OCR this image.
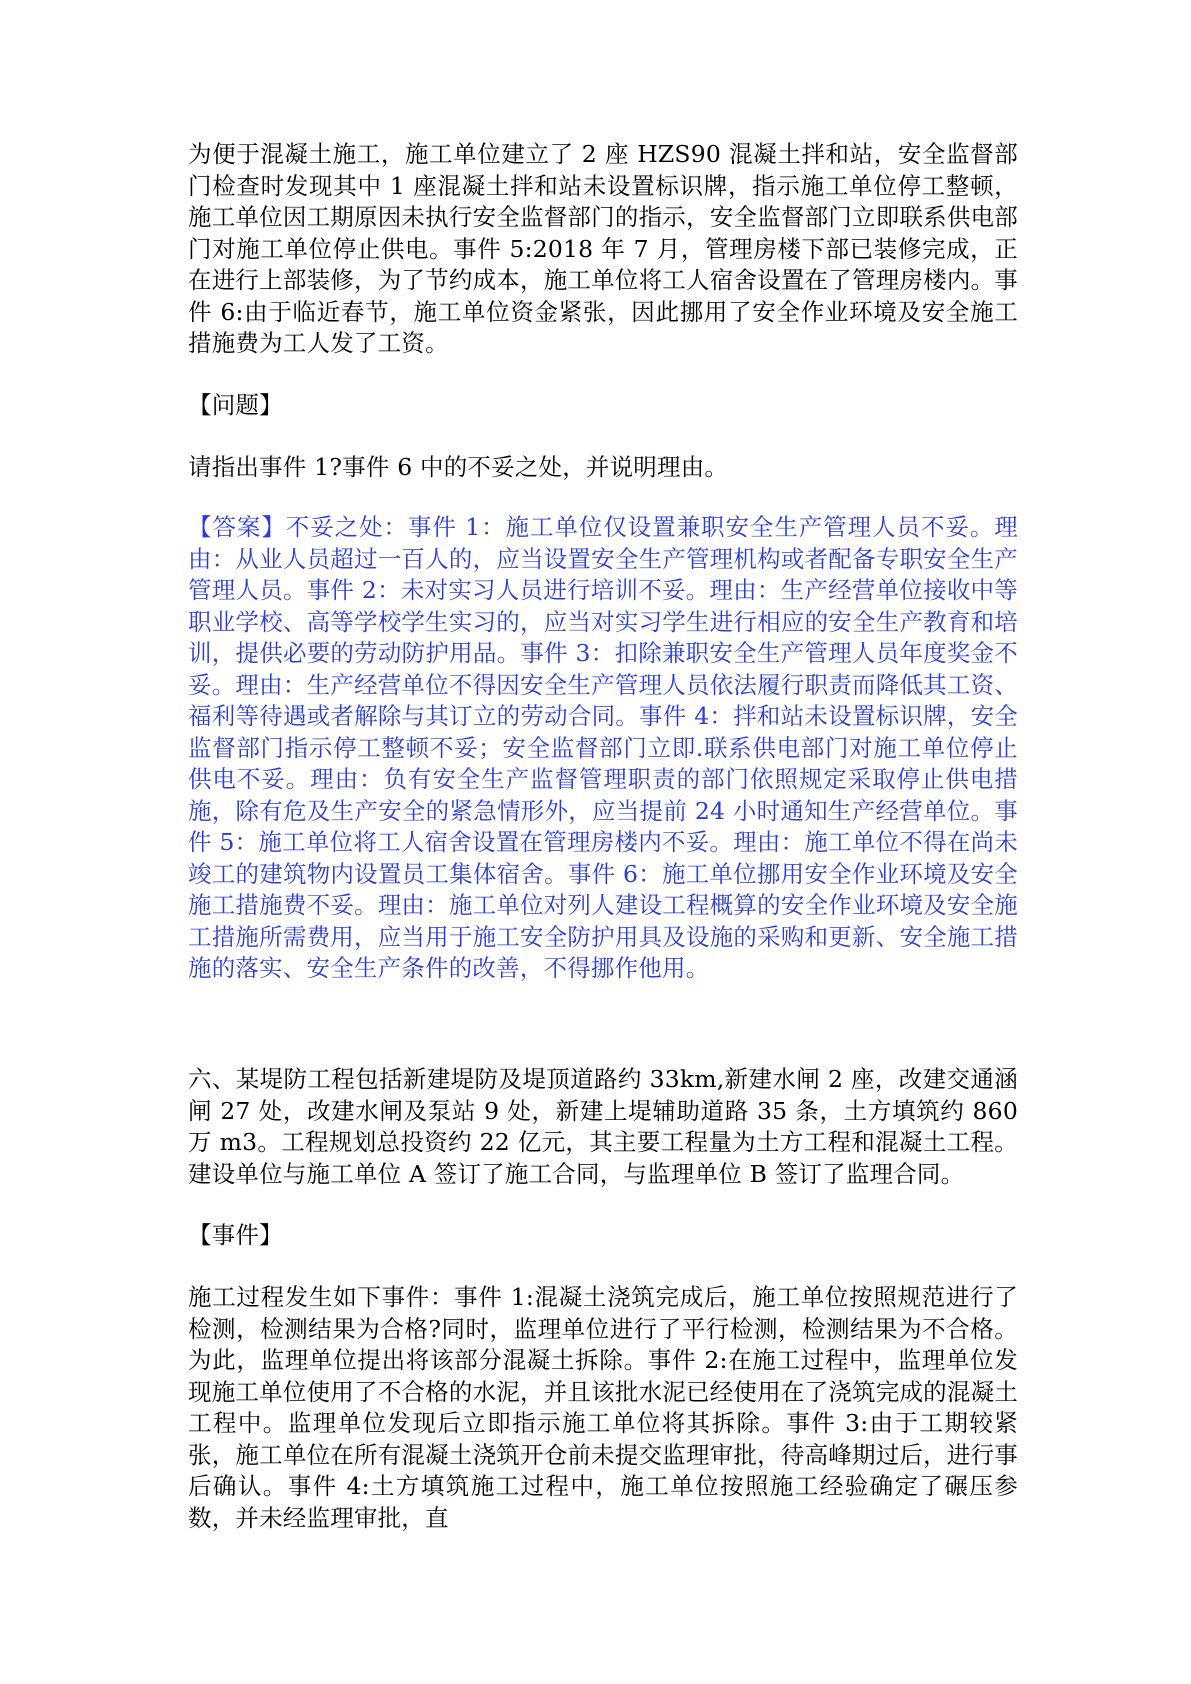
为便于混凝土施工，施工单位建立了 2 座 HZS90 混凝土拌和站，安全监督部门检查时发现其中 1 座混凝土拌和站未设置标识牌，指示施工单位停工整顿，施工单位因工期原因未执行安全监督部门的指示，安全监督部门立即联系供电部门对施工单位停止供电。事件 5:2018 年 7 月，管理房楼下部已装修完成，正在进行上部装修，为了节约成本，施工单位将工人宿舍设置在了管理房楼内。事件 6:由于临近春节，施工单位资金紧张，因此挪用了安全作业环境及安全施工措施费为工人发了工资。

【问题】

请指出事件 1?事件 6 中的不妥之处，并说明理由。

【答案】不妥之处：事件 1：施工单位仅设置兼职安全生产管理人员不妥。理由：从业人员超过一百人的，应当设置安全生产管理机构或者配备专职安全生产管理人员。事件 2：未对实习人员进行培训不妥。理由：生产经营单位接收中等职业学校、高等学校学生实习的，应当对实习学生进行相应的安全生产教育和培训，提供必要的劳动防护用品。事件 3：扣除兼职安全生产管理人员年度奖金不妥。理由：生产经营单位不得因安全生产管理人员依法履行职责而降低其工资、福利等待遇或者解除与其订立的劳动合同。事件 4：拌和站未设置标识牌，安全监督部门指示停工整顿不妥；安全监督部门立即.联系供电部门对施工单位停止供电不妥。理由：负有安全生产监督管理职责的部门依照规定采取停止供电措施，除有危及生产安全的紧急情形外，应当提前 24 小时通知生产经营单位。事件 5：施工单位将工人宿舍设置在管理房楼内不妥。理由：施工单位不得在尚未竣工的建筑物内设置员工集体宿舍。事件 6：施工单位挪用安全作业环境及安全施工措施费不妥。理由：施工单位对列人建设工程概算的安全作业环境及安全施工措施所需费用，应当用于施工安全防护用具及设施的采购和更新、安全施工措施的落实、安全生产条件的改善，不得挪作他用。

六、某堤防工程包括新建堤防及堤顶道路约 33km,新建水闸 2 座，改建交通涵闸 27 处，改建水闸及泵站 9 处，新建上堤辅助道路 35 条，土方填筑约 860 万 m3。工程规划总投资约 22 亿元，其主要工程量为土方工程和混凝土工程。建设单位与施工单位 A 签订了施工合同，与监理单位 B 签订了监理合同。

【事件】

施工过程发生如下事件：事件 1:混凝土浇筑完成后，施工单位按照规范进行了检测，检测结果为合格?同时，监理单位进行了平行检测，检测结果为不合格。为此，监理单位提出将该部分混凝土拆除。事件 2:在施工过程中，监理单位发现施工单位使用了不合格的水泥，并且该批水泥已经使用在了浇筑完成的混凝土工程中。监理单位发现后立即指示施工单位将其拆除。事件 3:由于工期较紧张，施工单位在所有混凝土浇筑开仓前未提交监理审批，待高峰期过后，进行事后确认。事件 4:土方填筑施工过程中，施工单位按照施工经验确定了碾压参数，并未经监理审批，直
